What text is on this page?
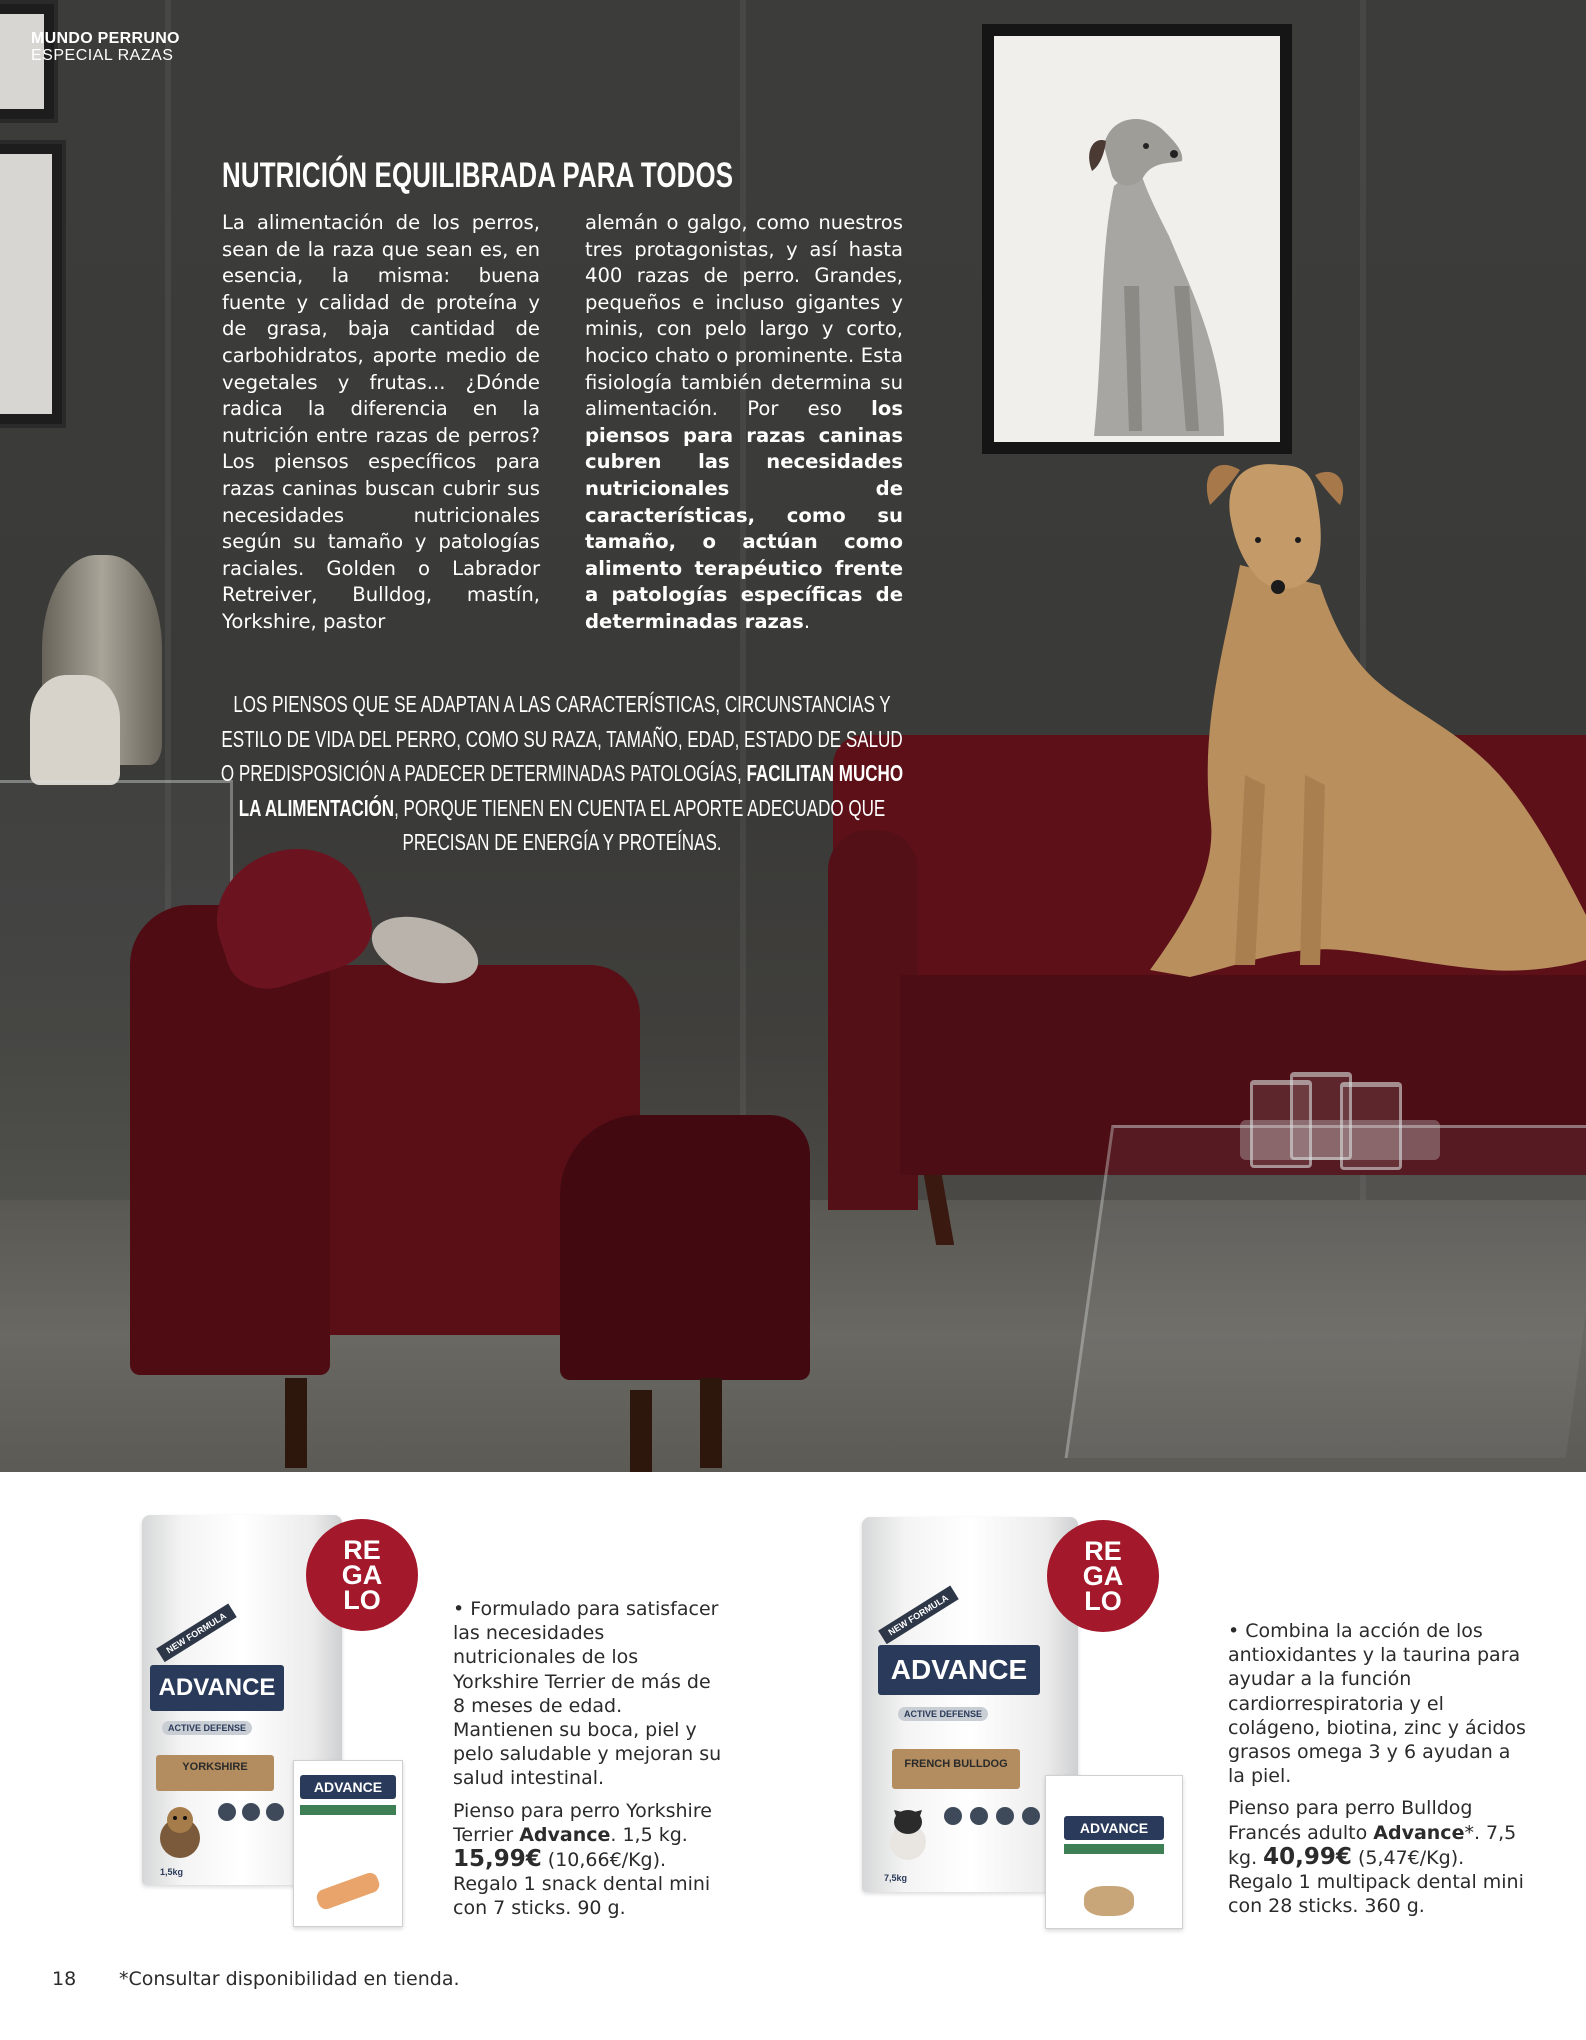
MUNDO PERRUNO
ESPECIAL RAZAS
NUTRICIÓN EQUILIBRADA PARA TODOS
La alimentación de los perros, sean de la raza que sean es, en esencia, la misma: buena fuente y calidad de proteína y de grasa, baja cantidad de carbohidratos, aporte medio de vegetales y frutas... ¿Dónde radica la diferencia en la nutrición entre razas de perros? Los piensos específicos para razas caninas buscan cubrir sus necesidades nutricionales según su tamaño y patologías raciales. Golden o Labrador Retreiver, Bulldog, mastín, Yorkshire, pastor
alemán o galgo, como nuestros tres protagonistas, y así hasta 400 razas de perro. Grandes, pequeños e incluso gigantes y minis, con pelo largo y corto, hocico chato o prominente. Esta fisiología también determina su alimentación. Por eso los piensos para razas caninas cubren las necesidades nutricionales de características, como su tamaño, o actúan como alimento terapéutico frente a patologías específicas de determinadas razas.
LOS PIENSOS QUE SE ADAPTAN A LAS CARACTERÍSTICAS, CIRCUNSTANCIAS Y ESTILO DE VIDA DEL PERRO, COMO SU RAZA, TAMAÑO, EDAD, ESTADO DE SALUD O PREDISPOSICIÓN A PADECER DETERMINADAS PATOLOGÍAS, FACILITAN MUCHO LA ALIMENTACIÓN, PORQUE TIENEN EN CUENTA EL APORTE ADECUADO QUE PRECISAN DE ENERGÍA Y PROTEÍNAS.
NEW FORMULA
ADVANCE
ACTIVE DEFENSE
YORKSHIRE
1,5kg
ADVANCE
RE
GA
LO	• Formulado para satisfacer las necesidades nutricionales de los Yorkshire Terrier de más de 8 meses de edad. Mantienen su boca, piel y pelo saludable y mejoran su salud intestinal.

Pienso para perro Yorkshire Terrier Advance. 1,5 kg.
15,99€ (10,66€/Kg).
Regalo 1 snack dental mini con 7 sticks. 90 g.

NEW FORMULA
ADVANCE
ACTIVE DEFENSE
FRENCH BULLDOG
7,5kg
ADVANCE
RE
GA
LO

• Combina la acción de los antioxidantes y la taurina para ayudar a la función cardiorrespiratoria y el colágeno, biotina, zinc y ácidos grasos omega 3 y 6 ayudan a la piel.

Pienso para perro Bulldog Francés adulto Advance*. 7,5 kg. 40,99€ (5,47€/Kg).
Regalo 1 multipack dental mini con 28 sticks. 360 g.

18 *Consultar disponibilidad en tienda.
